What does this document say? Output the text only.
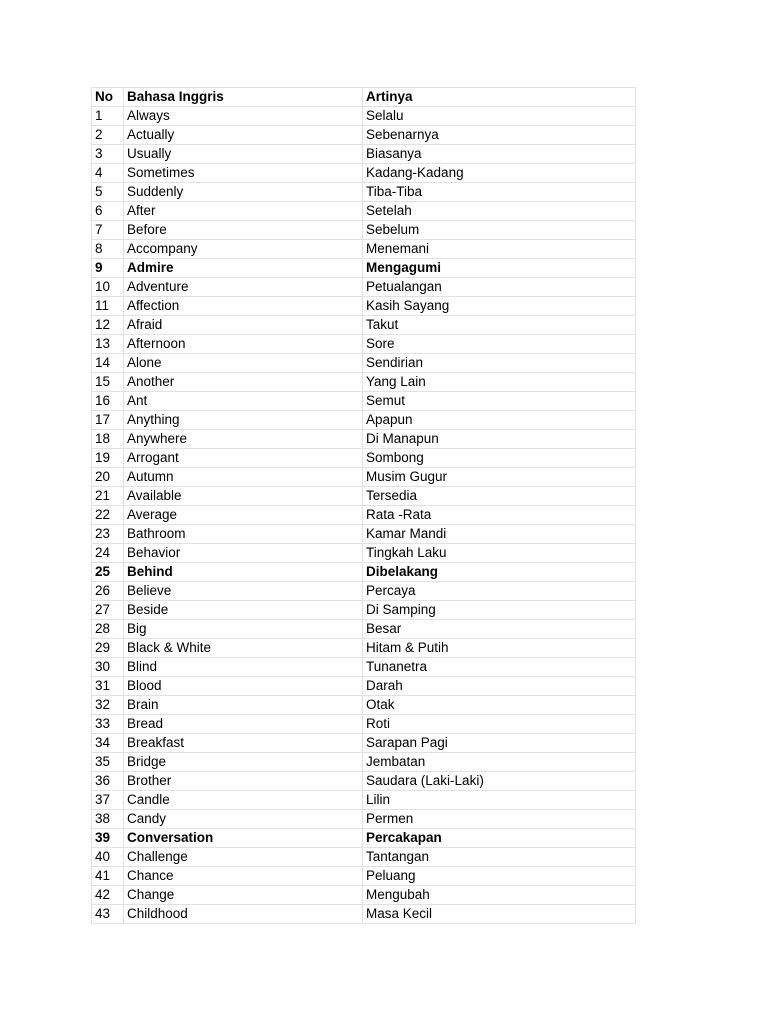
No	Bahasa Inggris	Artinya
1	Always	Selalu
2	Actually	Sebenarnya
3	Usually	Biasanya
4	Sometimes	Kadang-Kadang
5	Suddenly	Tiba-Tiba
6	After	Setelah
7	Before	Sebelum
8	Accompany	Menemani
9	Admire	Mengagumi
10	Adventure	Petualangan
11	Affection	Kasih Sayang
12	Afraid	Takut
13	Afternoon	Sore
14	Alone	Sendirian
15	Another	Yang Lain
16	Ant	Semut
17	Anything	Apapun
18	Anywhere	Di Manapun
19	Arrogant	Sombong
20	Autumn	Musim Gugur
21	Available	Tersedia
22	Average	Rata -Rata
23	Bathroom	Kamar Mandi
24	Behavior	Tingkah Laku
25	Behind	Dibelakang
26	Believe	Percaya
27	Beside	Di Samping
28	Big	Besar
29	Black & White	Hitam & Putih
30	Blind	Tunanetra
31	Blood	Darah
32	Brain	Otak
33	Bread	Roti
34	Breakfast	Sarapan Pagi
35	Bridge	Jembatan
36	Brother	Saudara (Laki-Laki)
37	Candle	Lilin
38	Candy	Permen
39	Conversation	Percakapan
40	Challenge	Tantangan
41	Chance	Peluang
42	Change	Mengubah
43	Childhood	Masa Kecil
